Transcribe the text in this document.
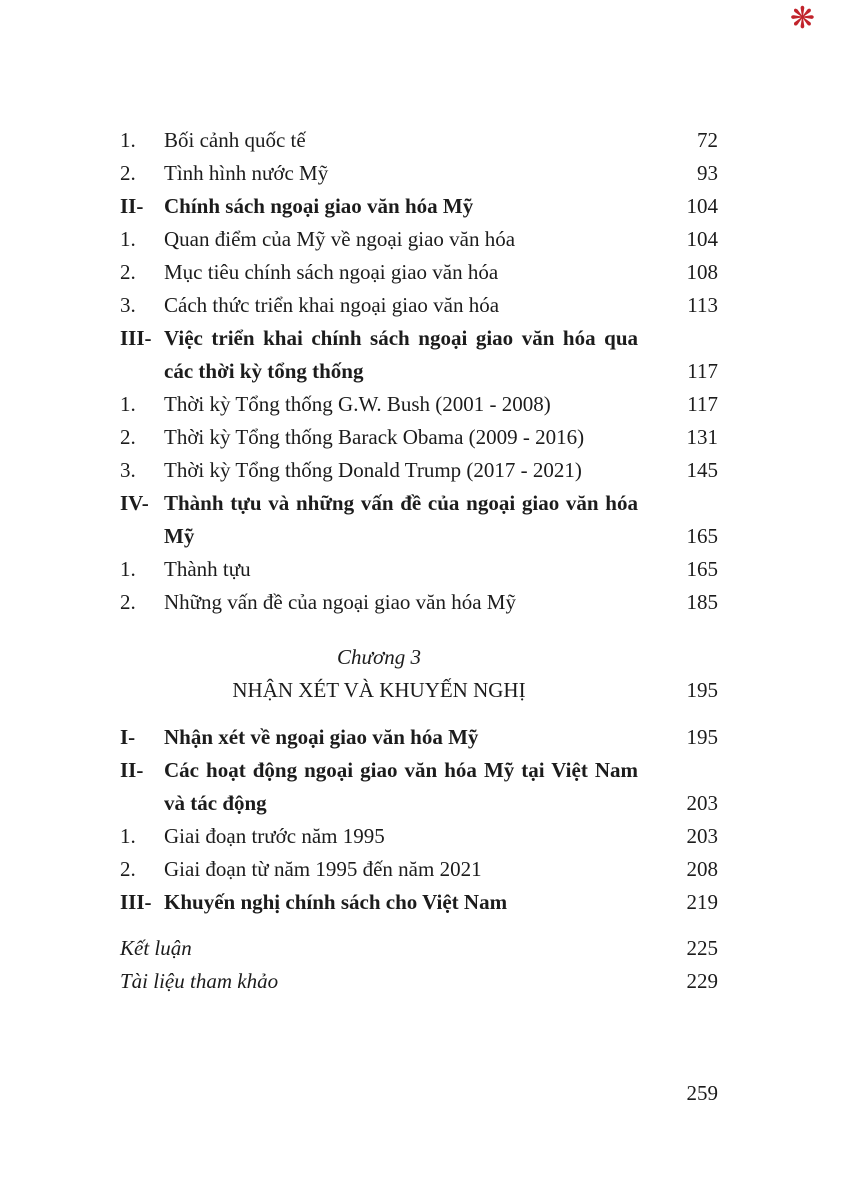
❋
1. Bối cảnh quốc tế	72
2. Tình hình nước Mỹ	93
II- Chính sách ngoại giao văn hóa Mỹ	104
1. Quan điểm của Mỹ về ngoại giao văn hóa	104
2. Mục tiêu chính sách ngoại giao văn hóa	108
3. Cách thức triển khai ngoại giao văn hóa	113
III- Việc triển khai chính sách ngoại giao văn hóa qua các thời kỳ tổng thống	117
1. Thời kỳ Tổng thống G.W. Bush (2001 - 2008)	117
2. Thời kỳ Tổng thống Barack Obama (2009 - 2016)	131
3. Thời kỳ Tổng thống Donald Trump (2017 - 2021)	145
IV- Thành tựu và những vấn đề của ngoại giao văn hóa Mỹ	165
1. Thành tựu	165
2. Những vấn đề của ngoại giao văn hóa Mỹ	185
Chương 3
NHẬN XÉT VÀ KHUYẾN NGHỊ	195
I- Nhận xét về ngoại giao văn hóa Mỹ	195
II- Các hoạt động ngoại giao văn hóa Mỹ tại Việt Nam và tác động	203
1. Giai đoạn trước năm 1995	203
2. Giai đoạn từ năm 1995 đến năm 2021	208
III- Khuyến nghị chính sách cho Việt Nam	219
Kết luận	225
Tài liệu tham khảo	229
259
